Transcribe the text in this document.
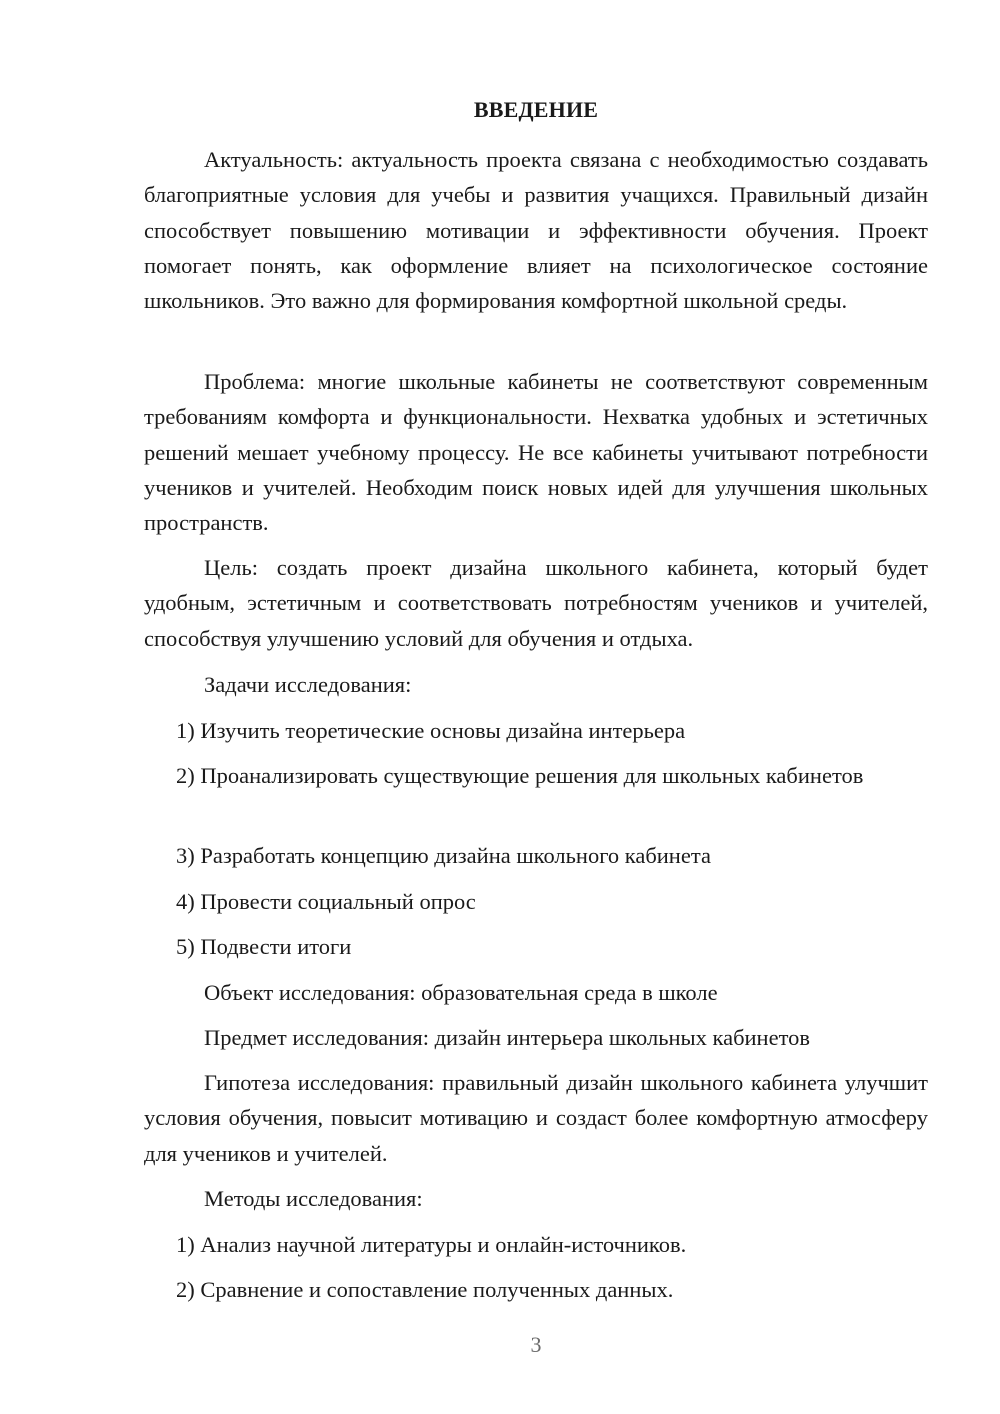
ВВЕДЕНИЕ

Актуальность: актуальность проекта связана с необходимостью создавать благоприятные условия для учебы и развития учащихся. Правильный дизайн способствует повышению мотивации и эффективности обучения. Проект помогает понять, как оформление влияет на психологическое состояние школьников. Это важно для формирования комфортной школьной среды.

Проблема: многие школьные кабинеты не соответствуют современным требованиям комфорта и функциональности. Нехватка удобных и эстетичных решений мешает учебному процессу. Не все кабинеты учитывают потребности учеников и учителей. Необходим поиск новых идей для улучшения школьных пространств.

Цель: создать проект дизайна школьного кабинета, который будет удобным, эстетичным и соответствовать потребностям учеников и учителей, способствуя улучшению условий для обучения и отдыха.

Задачи исследования:

1) Изучить теоретические основы дизайна интерьера

2) Проанализировать существующие решения для школьных кабинетов

3) Разработать концепцию дизайна школьного кабинета

4) Провести социальный опрос

5) Подвести итоги

Объект исследования: образовательная среда в школе

Предмет исследования: дизайн интерьера школьных кабинетов

Гипотеза исследования: правильный дизайн школьного кабинета улучшит условия обучения, повысит мотивацию и создаст более комфортную атмосферу для учеников и учителей.

Методы исследования:

1) Анализ научной литературы и онлайн-источников.

2) Сравнение и сопоставление полученных данных.

3
